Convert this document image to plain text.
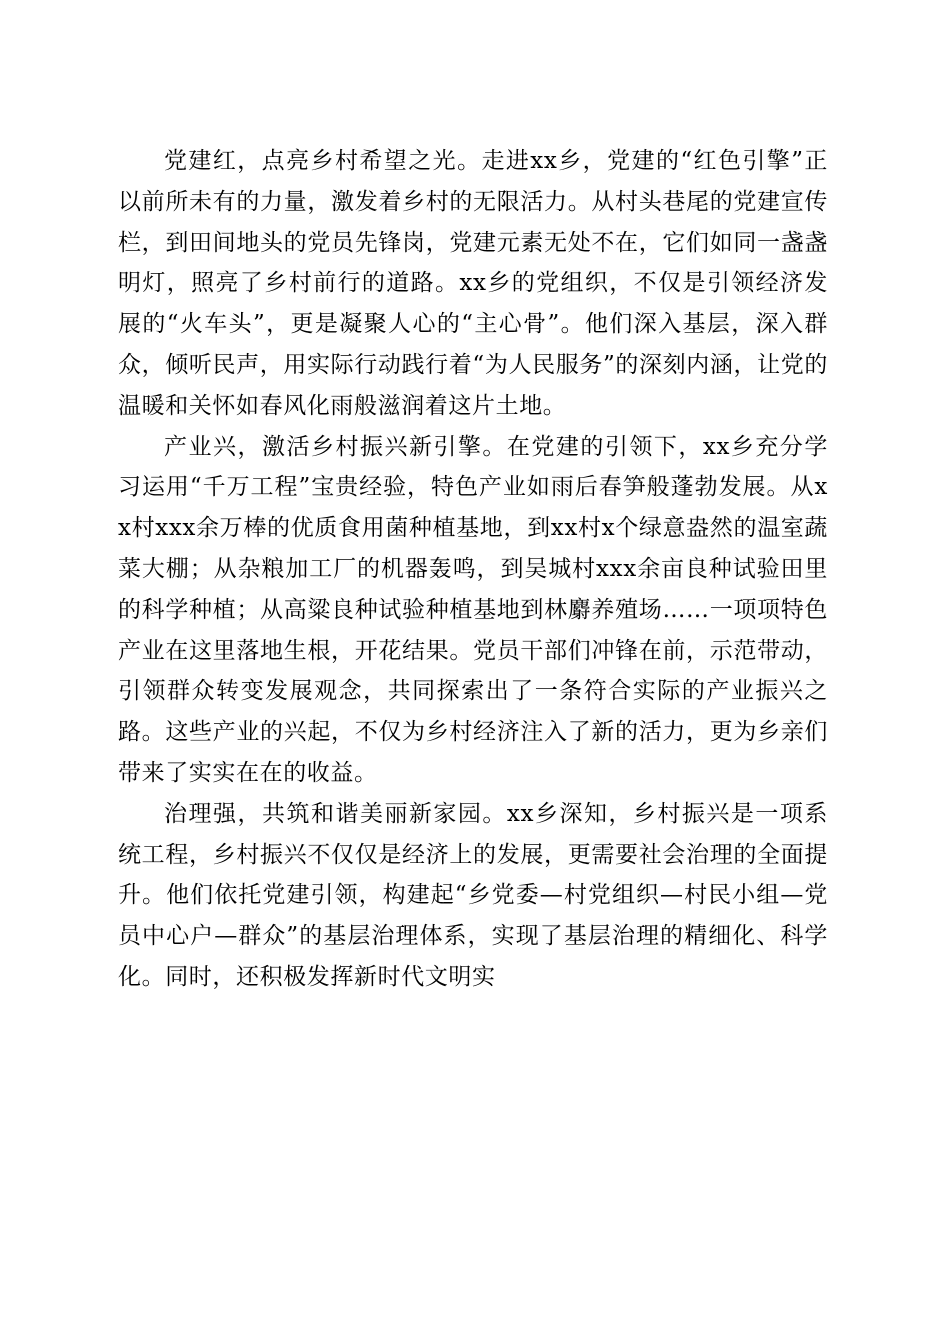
党建红，点亮乡村希望之光。走进xx乡，党建的“红色引擎”正以前所未有的力量，激发着乡村的无限活力。从村头巷尾的党建宣传栏，到田间地头的党员先锋岗，党建元素无处不在，它们如同一盏盏明灯，照亮了乡村前行的道路。xx乡的党组织，不仅是引领经济发展的“火车头”，更是凝聚人心的“主心骨”。他们深入基层，深入群众，倾听民声，用实际行动践行着“为人民服务”的深刻内涵，让党的温暖和关怀如春风化雨般滋润着这片土地。

产业兴，激活乡村振兴新引擎。在党建的引领下，xx乡充分学习运用“千万工程”宝贵经验，特色产业如雨后春笋般蓬勃发展。从xx村xxx余万棒的优质食用菌种植基地，到xx村x个绿意盎然的温室蔬菜大棚；从杂粮加工厂的机器轰鸣，到吴城村xxx余亩良种试验田里的科学种植；从高粱良种试验种植基地到林麝养殖场……一项项特色产业在这里落地生根，开花结果。党员干部们冲锋在前，示范带动，引领群众转变发展观念，共同探索出了一条符合实际的产业振兴之路。这些产业的兴起，不仅为乡村经济注入了新的活力，更为乡亲们带来了实实在在的收益。

治理强，共筑和谐美丽新家园。xx乡深知，乡村振兴是一项系统工程，乡村振兴不仅仅是经济上的发展，更需要社会治理的全面提升。他们依托党建引领，构建起“乡党委—村党组织—村民小组—党员中心户—群众”的基层治理体系，实现了基层治理的精细化、科学化。同时，还积极发挥新时代文明实
